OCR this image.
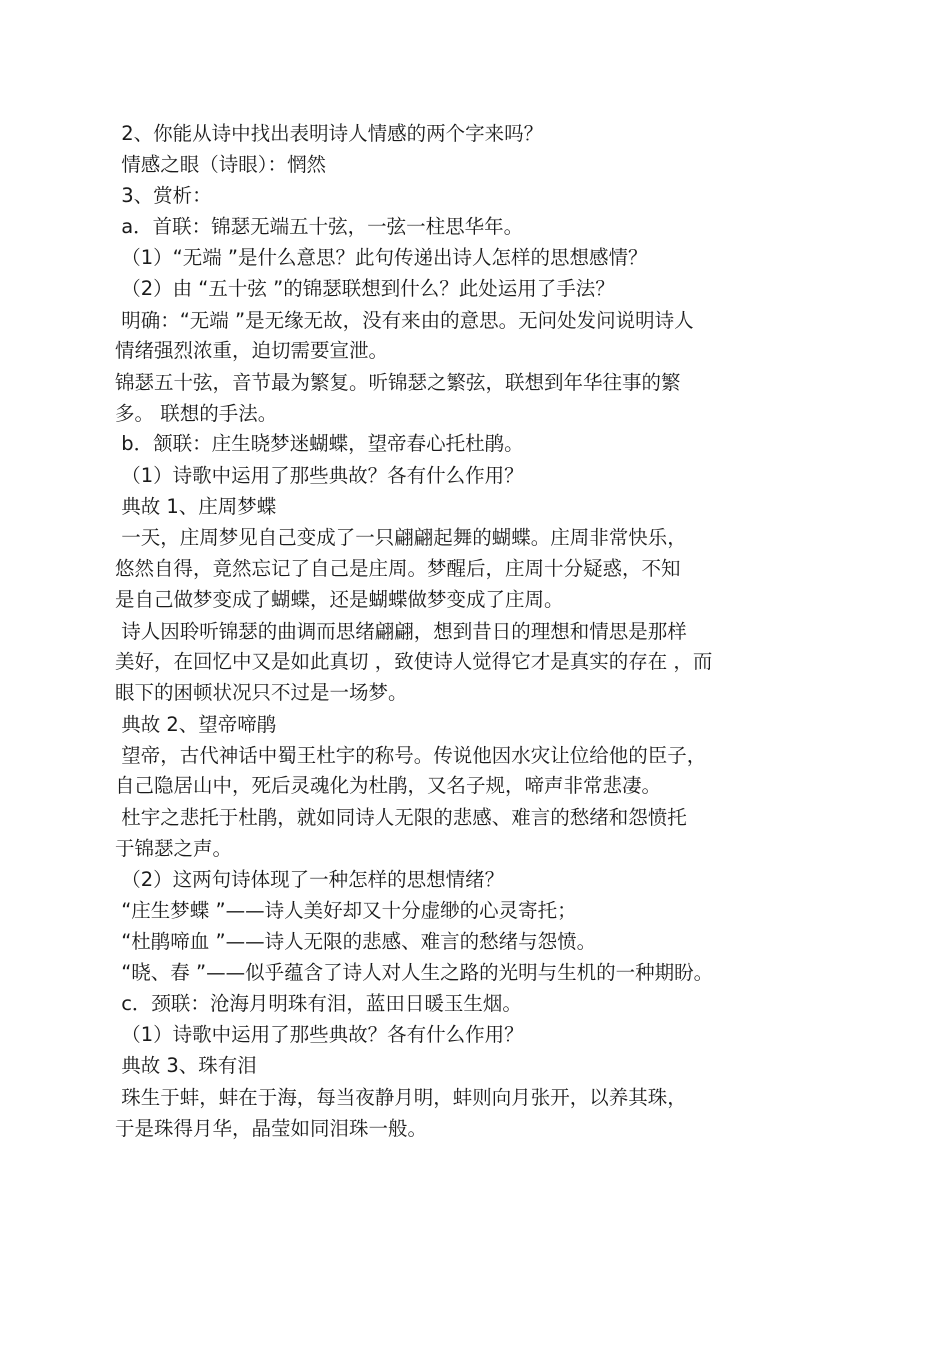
2、你能从诗中找出表明诗人情感的两个字来吗？
情感之眼（诗眼）：惘然
3、赏析：
a．首联：锦瑟无端五十弦，一弦一柱思华年。
（1）“无端 ”是什么意思？此句传递出诗人怎样的思想感情？
（2）由 “五十弦 ”的锦瑟联想到什么？此处运用了手法？
明确：“无端 ”是无缘无故，没有来由的意思。无问处发问说明诗人
情绪强烈浓重，迫切需要宣泄。
锦瑟五十弦，音节最为繁复。听锦瑟之繁弦，联想到年华往事的繁
多。 联想的手法。
b．颔联：庄生晓梦迷蝴蝶，望帝春心托杜鹃。
（1）诗歌中运用了那些典故？各有什么作用？
典故 1、庄周梦蝶
一天，庄周梦见自己变成了一只翩翩起舞的蝴蝶。庄周非常快乐，
悠然自得，竟然忘记了自己是庄周。梦醒后，庄周十分疑惑，不知
是自己做梦变成了蝴蝶，还是蝴蝶做梦变成了庄周。
诗人因聆听锦瑟的曲调而思绪翩翩，想到昔日的理想和情思是那样
美好，在回忆中又是如此真切 ，致使诗人觉得它才是真实的存在 ，而
眼下的困顿状况只不过是一场梦。
典故 2、望帝啼鹃
望帝，古代神话中蜀王杜宇的称号。传说他因水灾让位给他的臣子，
自己隐居山中，死后灵魂化为杜鹃，又名子规，啼声非常悲凄。
杜宇之悲托于杜鹃，就如同诗人无限的悲感、难言的愁绪和怨愤托
于锦瑟之声。
（2）这两句诗体现了一种怎样的思想情绪？
“庄生梦蝶 ”——诗人美好却又十分虚缈的心灵寄托；
“杜鹃啼血 ”——诗人无限的悲感、难言的愁绪与怨愤。
“晓、春 ”——似乎蕴含了诗人对人生之路的光明与生机的一种期盼。
c．颈联：沧海月明珠有泪，蓝田日暖玉生烟。
（1）诗歌中运用了那些典故？各有什么作用？
典故 3、珠有泪
珠生于蚌，蚌在于海，每当夜静月明，蚌则向月张开，以养其珠，
于是珠得月华，晶莹如同泪珠一般。
